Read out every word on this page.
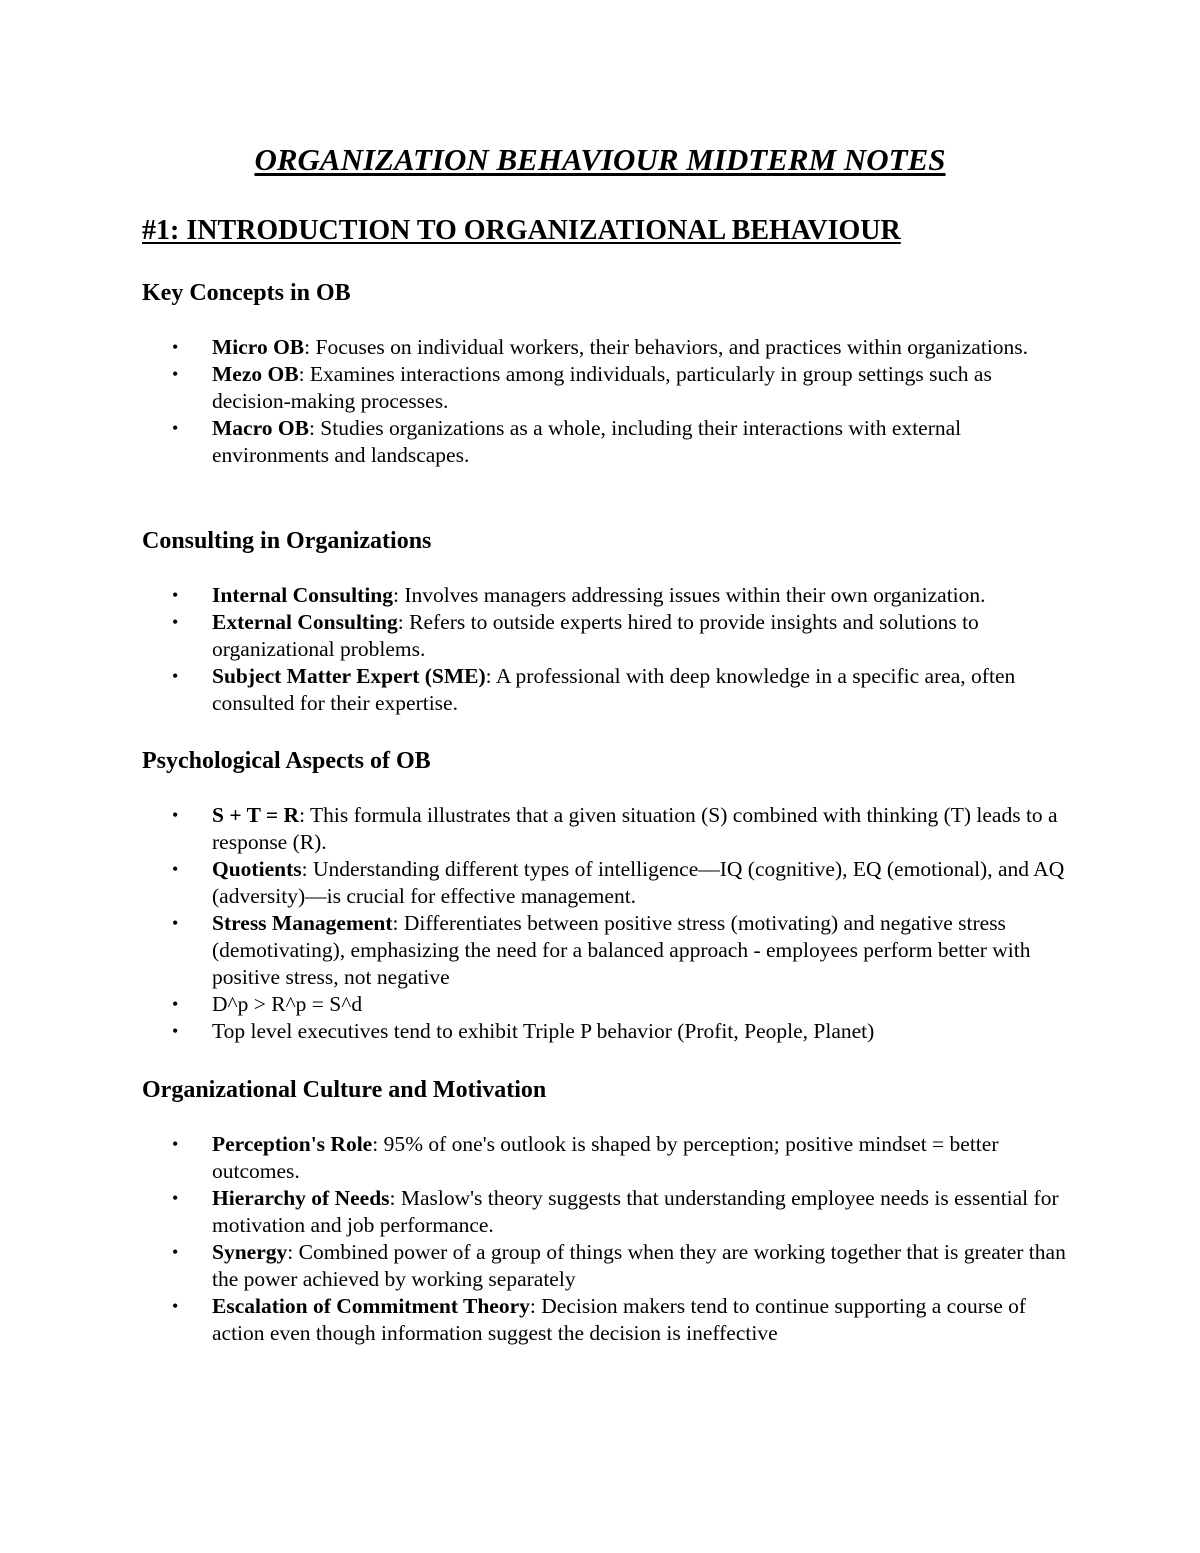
ORGANIZATION BEHAVIOUR MIDTERM NOTES
#1: INTRODUCTION TO ORGANIZATIONAL BEHAVIOUR
Key Concepts in OB
• Micro OB: Focuses on individual workers, their behaviors, and practices within organizations.
• Mezo OB: Examines interactions among individuals, particularly in group settings such as decision-making processes.
• Macro OB: Studies organizations as a whole, including their interactions with external environments and landscapes.
Consulting in Organizations
• Internal Consulting: Involves managers addressing issues within their own organization.
• External Consulting: Refers to outside experts hired to provide insights and solutions to organizational problems.
• Subject Matter Expert (SME): A professional with deep knowledge in a specific area, often consulted for their expertise.
Psychological Aspects of OB
• S + T = R: This formula illustrates that a given situation (S) combined with thinking (T) leads to a response (R).
• Quotients: Understanding different types of intelligence—IQ (cognitive), EQ (emotional), and AQ (adversity)—is crucial for effective management.
• Stress Management: Differentiates between positive stress (motivating) and negative stress (demotivating), emphasizing the need for a balanced approach - employees perform better with positive stress, not negative
• D^p > R^p = S^d
• Top level executives tend to exhibit Triple P behavior (Profit, People, Planet)
Organizational Culture and Motivation
• Perception's Role: 95% of one's outlook is shaped by perception; positive mindset = better outcomes.
• Hierarchy of Needs: Maslow's theory suggests that understanding employee needs is essential for motivation and job performance.
• Synergy: Combined power of a group of things when they are working together that is greater than the power achieved by working separately
• Escalation of Commitment Theory: Decision makers tend to continue supporting a course of action even though information suggest the decision is ineffective
